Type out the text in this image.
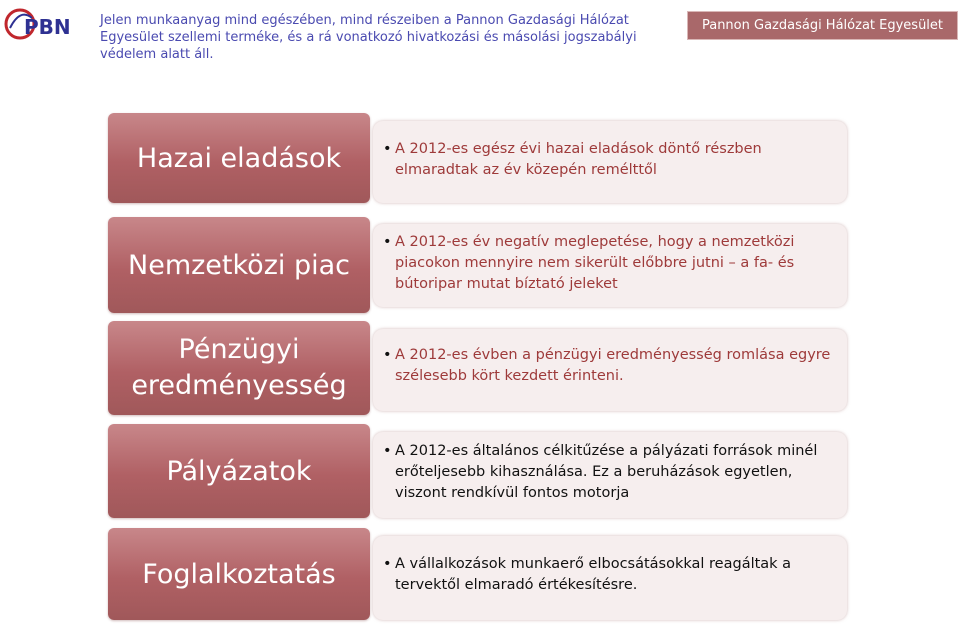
PBN Jelen munkaanyag mind egészében, mind részeiben a Pannon Gazdasági Hálózat Egyesület szellemi terméke, és a rá vonatkozó hivatkozási és másolási jogszabályi védelem alatt áll.
Pannon Gazdasági Hálózat Egyesület
Hazai eladások	• A 2012-es egész évi hazai eladások döntő részben elmaradtak az év közepén remélttől
Nemzetközi piac
• A 2012-es év negatív meglepetése, hogy a nemzetközi piacokon mennyire nem sikerült előbbre jutni – a fa- és bútoripar mutat bíztató jeleket
Pénzügyi
eredményesség
• A 2012-es évben a pénzügyi eredményesség romlása egyre szélesebb kört kezdett érinteni.
Pályázatok
• A 2012-es általános célkitűzése a pályázati források minél erőteljesebb kihasználása. Ez a beruházások egyetlen, viszont rendkívül fontos motorja
Foglalkoztatás	• A vállalkozások munkaerő elbocsátásokkal reagáltak a tervektől elmaradó értékesítésre.
